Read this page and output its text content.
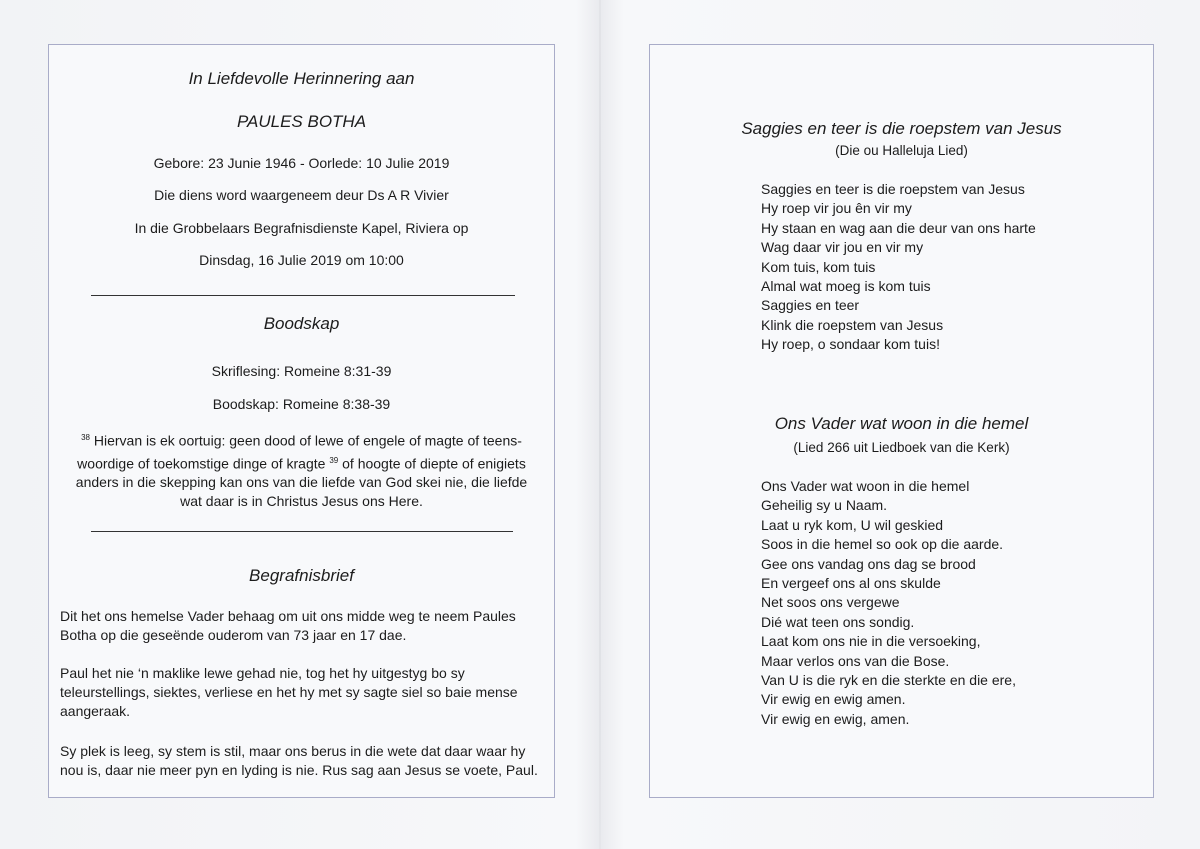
In Liefdevolle Herinnering aan
PAULES BOTHA
Gebore: 23 Junie 1946 - Oorlede: 10 Julie 2019
Die diens word waargeneem deur Ds A R Vivier
In die Grobbelaars Begrafnisdienste Kapel, Riviera op
Dinsdag, 16 Julie 2019 om 10:00
Boodskap
Skriflesing: Romeine 8:31-39
Boodskap: Romeine 8:38-39
$^{38}$ Hiervan is ek oortuig: geen dood of lewe of engele of magte of teens-
woordige of toekomstige dinge of kragte $^{39}$ of hoogte of diepte of enigiets
anders in die skepping kan ons van die liefde van God skei nie, die liefde
wat daar is in Christus Jesus ons Here.
Begrafnisbrief
Dit het ons hemelse Vader behaag om uit ons midde weg te neem Paules
Botha op die geseënde ouderom van 73 jaar en 17 dae.
Paul het nie ‘n maklike lewe gehad nie, tog het hy uitgestyg bo sy
teleurstellings, siektes, verliese en het hy met sy sagte siel so baie mense
aangeraak.
Sy plek is leeg, sy stem is stil, maar ons berus in die wete dat daar waar hy
nou is, daar nie meer pyn en lyding is nie. Rus sag aan Jesus se voete, Paul.
Saggies en teer is die roepstem van Jesus
(Die ou Halleluja Lied)
Saggies en teer is die roepstem van Jesus
Hy roep vir jou ên vir my
Hy staan en wag aan die deur van ons harte
Wag daar vir jou en vir my
Kom tuis, kom tuis
Almal wat moeg is kom tuis
Saggies en teer
Klink die roepstem van Jesus
Hy roep, o sondaar kom tuis!
Ons Vader wat woon in die hemel
(Lied 266 uit Liedboek van die Kerk)
Ons Vader wat woon in die hemel
Geheilig sy u Naam.
Laat u ryk kom, U wil geskied
Soos in die hemel so ook op die aarde.
Gee ons vandag ons dag se brood
En vergeef ons al ons skulde
Net soos ons vergewe
Dié wat teen ons sondig.
Laat kom ons nie in die versoeking,
Maar verlos ons van die Bose.
Van U is die ryk en die sterkte en die ere,
Vir ewig en ewig amen.
Vir ewig en ewig, amen.
